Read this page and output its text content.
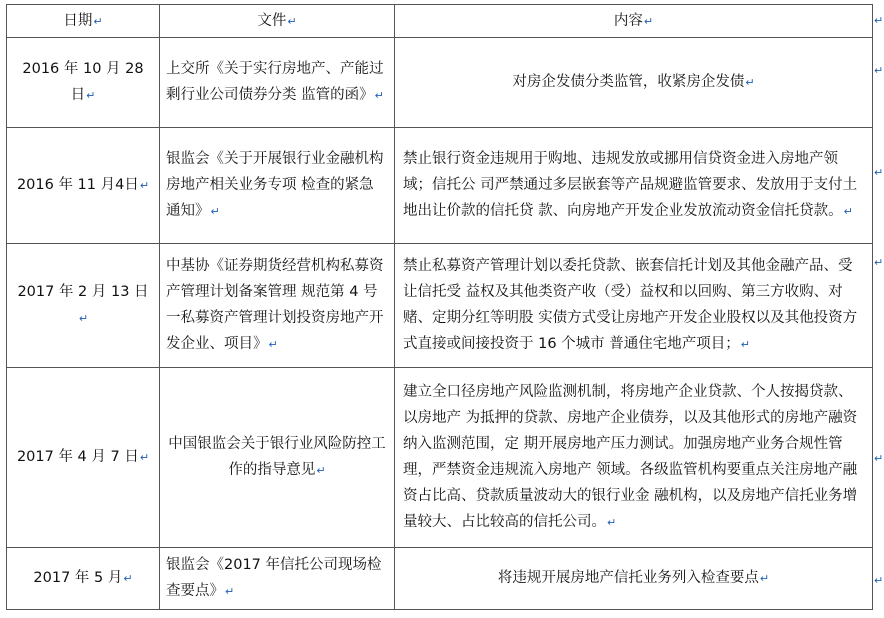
日期↵	文件↵	内容↵
2016 年 10 月 28 日↵	上交所《关于实行房地产、产能过剩行业公司债券分类 监管的函》↵	对房企发债分类监管，收紧房企发债↵
2016 年 11 月4日↵	银监会《关于开展银行业金融机构房地产相关业务专项 检查的紧急通知》↵	禁止银行资金违规用于购地、违规发放或挪用信贷资金进入房地产领域；信托公 司严禁通过多层嵌套等产品规避监管要求、发放用于支付土地出让价款的信托贷 款、向房地产开发企业发放流动资金信托贷款。↵
2017 年 2 月 13 日↵	中基协《证券期货经营机构私募资产管理计划备案管理 规范第 4 号一私募资产管理计划投资房地产开发企业、项目》↵	禁止私募资产管理计划以委托贷款、嵌套信托计划及其他金融产品、受让信托受 益权及其他类资产收（受）益权和以回购、第三方收购、对赌、定期分红等明股 实债方式受让房地产开发企业股权以及其他投资方式直接或间接投资于 16 个城市 普通住宅地产项目；↵
2017 年 4 月 7 日↵	中国银监会关于银行业风险防控工作的指导意见↵	建立全口径房地产风险监测机制，将房地产企业贷款、个人按揭贷款、以房地产 为抵押的贷款、房地产企业债券，以及其他形式的房地产融资纳入监测范围，定 期开展房地产压力测试。加强房地产业务合规性管理，严禁资金违规流入房地产 领域。各级监管机构要重点关注房地产融资占比高、贷款质量波动大的银行业金 融机构，以及房地产信托业务增量较大、占比较高的信托公司。↵
2017 年 5 月↵	银监会《2017 年信托公司现场检查要点》↵	将违规开展房地产信托业务列入检查要点↵
↵
↵
↵
↵
↵
↵
